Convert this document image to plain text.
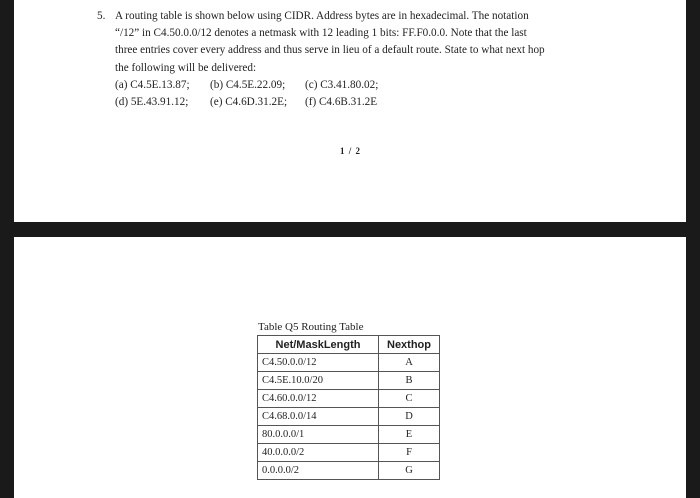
5. A routing table is shown below using CIDR. Address bytes are in hexadecimal. The notation
“/12” in C4.50.0.0/12 denotes a netmask with 12 leading 1 bits: FF.F0.0.0. Note that the last
three entries cover every address and thus serve in lieu of a default route. State to what next hop
the following will be delivered:
(a) C4.5E.13.87;	(b) C4.5E.22.09;	(c) C3.41.80.02;
(d) 5E.43.91.12;	(e) C4.6D.31.2E;	(f) C4.6B.31.2E
1 / 2
Table Q5 Routing Table
Net/MaskLength	Nexthop
C4.50.0.0/12	A
C4.5E.10.0/20	B
C4.60.0.0/12	C
C4.68.0.0/14	D
80.0.0.0/1	E
40.0.0.0/2	F
0.0.0.0/2	G
